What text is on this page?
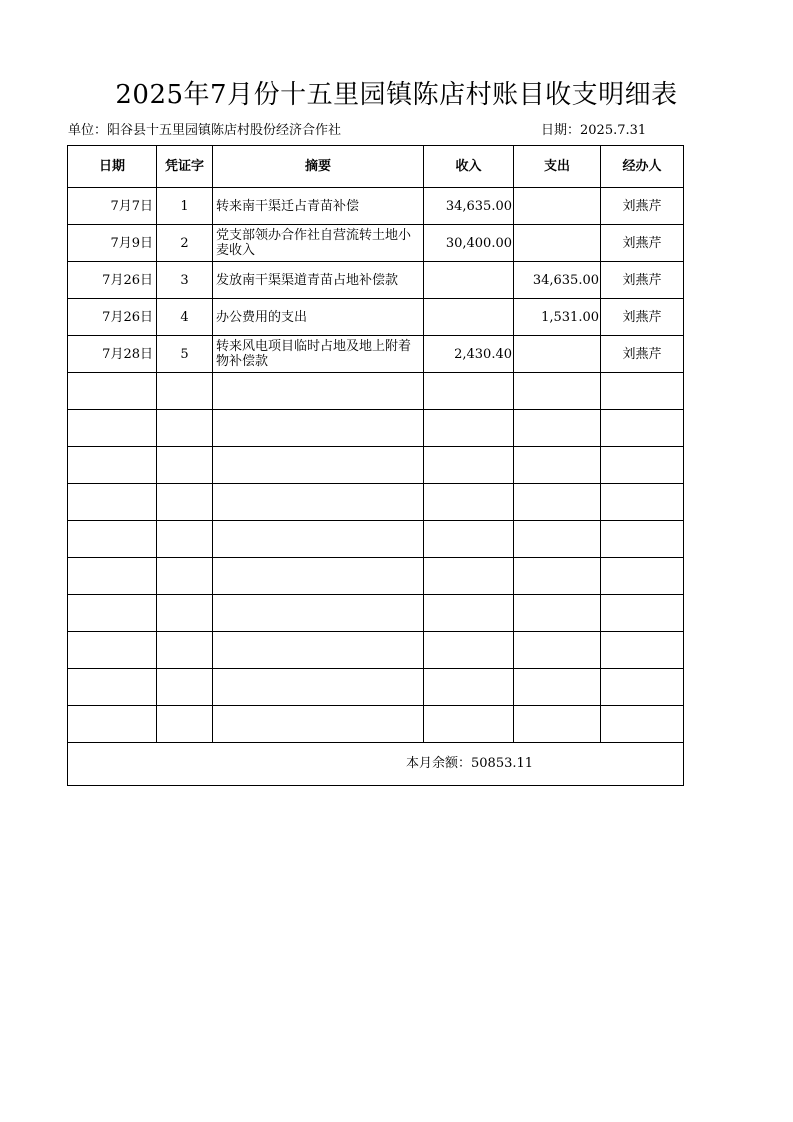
2025年7月份十五里园镇陈店村账目收支明细表
单位：阳谷县十五里园镇陈店村股份经济合作社	日期：2025.7.31
日期	凭证字	摘要	收入	支出	经办人
7月7日	1	转来南干渠迁占青苗补偿	34,635.00		刘燕芹
7月9日	2	党支部领办合作社自营流转土地小麦收入	30,400.00		刘燕芹
7月26日	3	发放南干渠渠道青苗占地补偿款		34,635.00	刘燕芹
7月26日	4	办公费用的支出		1,531.00	刘燕芹
7月28日	5	转来风电项目临时占地及地上附着物补偿款	2,430.40		刘燕芹

本月余额：50853.11					
